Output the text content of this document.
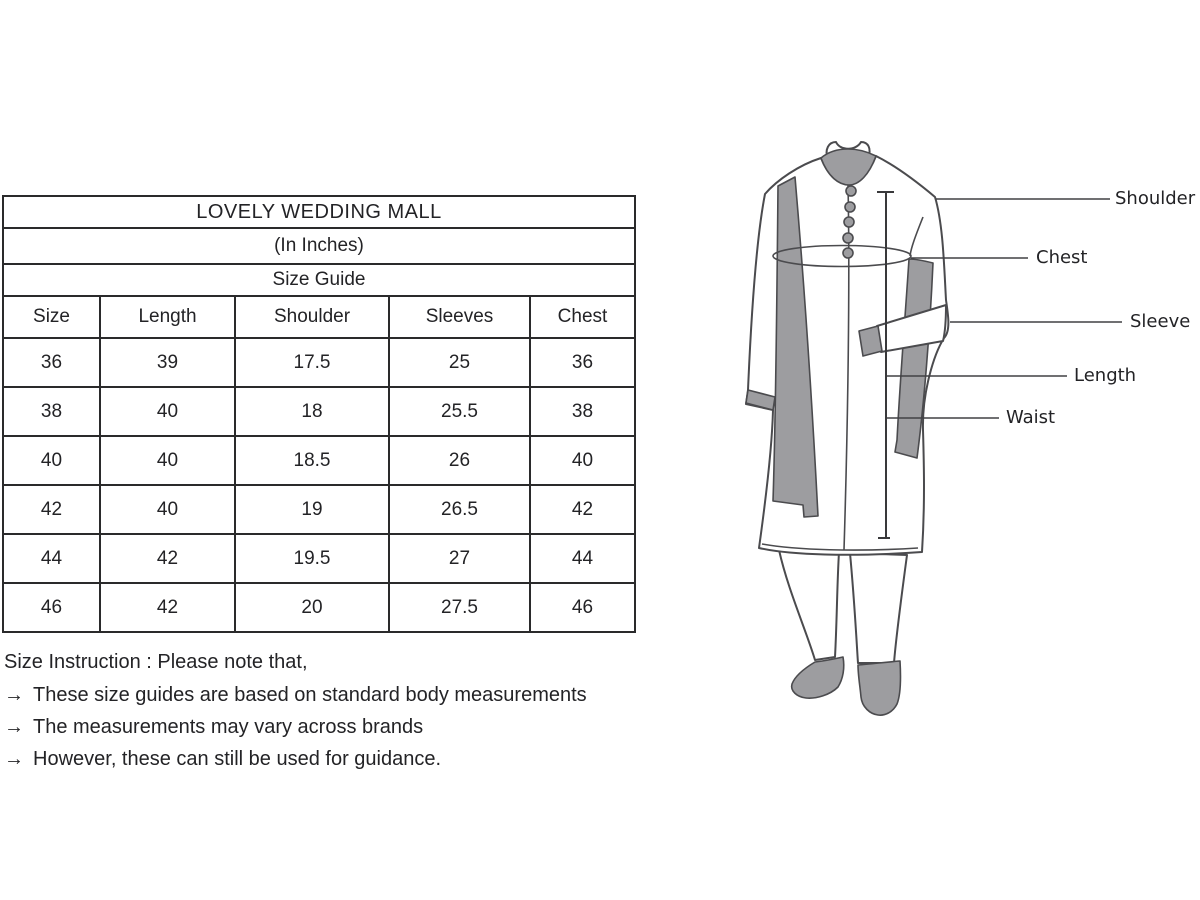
LOVELY WEDDING MALL				
(In Inches)				
Size Guide				
Size	Length	Shoulder	Sleeves	Chest
36	39	17.5	25	36
38	40	18	25.5	38
40	40	18.5	26	40
42	40	19	26.5	42
44	42	19.5	27	44
46	42	20	27.5	46
Size Instruction : Please note that,
→ These size guides are based on standard body measurements
→ The measurements may vary across brands
→ However, these can still be used for guidance.
Shoulder
Chest
Sleeve
Length
Waist
